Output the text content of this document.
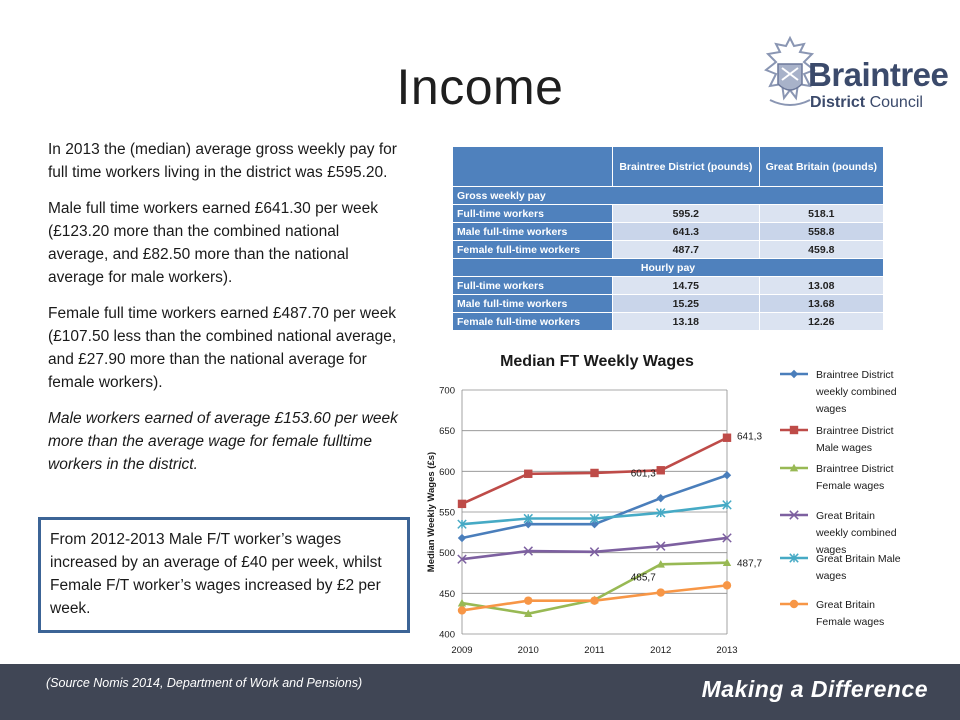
Income	Braintree
District Council

In 2013 the (median) average gross weekly pay for full time workers living in the district was £595.20.

Male full time workers earned £641.30 per week (£123.20 more than the combined national average, and £82.50 more than the national average for male workers).

Female full time workers earned £487.70 per week (£107.50 less than the combined national average, and £27.90 more than the national average for female workers).

Male workers earned of average £153.60 per week more than the average wage for female fulltime workers in the district.

From 2012-2013 Male F/T worker’s wages increased by an average of £40 per week, whilst Female F/T worker’s wages increased by £2 per week.
	Braintree District (pounds)	Great Britain (pounds)
Gross weekly pay		
Full-time workers	595.2	518.1
Male full-time workers	641.3	558.8
Female full-time workers	487.7	459.8
Hourly pay		
Full-time workers	14.75	13.08
Male full-time workers	15.25	13.68
Female full-time workers	13.18	12.26
Median FT Weekly Wages
400
450
500
550
600
650
700
2009	2010	2011	2012	2013
Median Weekly Wages (£s)
641,3
601,3
485,7
487,7
Braintree District weekly combined wages
Braintree District Male wages
Braintree District Female wages
Great Britain weekly combined wages
Great Britain Male wages
Great Britain Female wages
(Source Nomis 2014, Department of Work and Pensions)	Making a Difference
